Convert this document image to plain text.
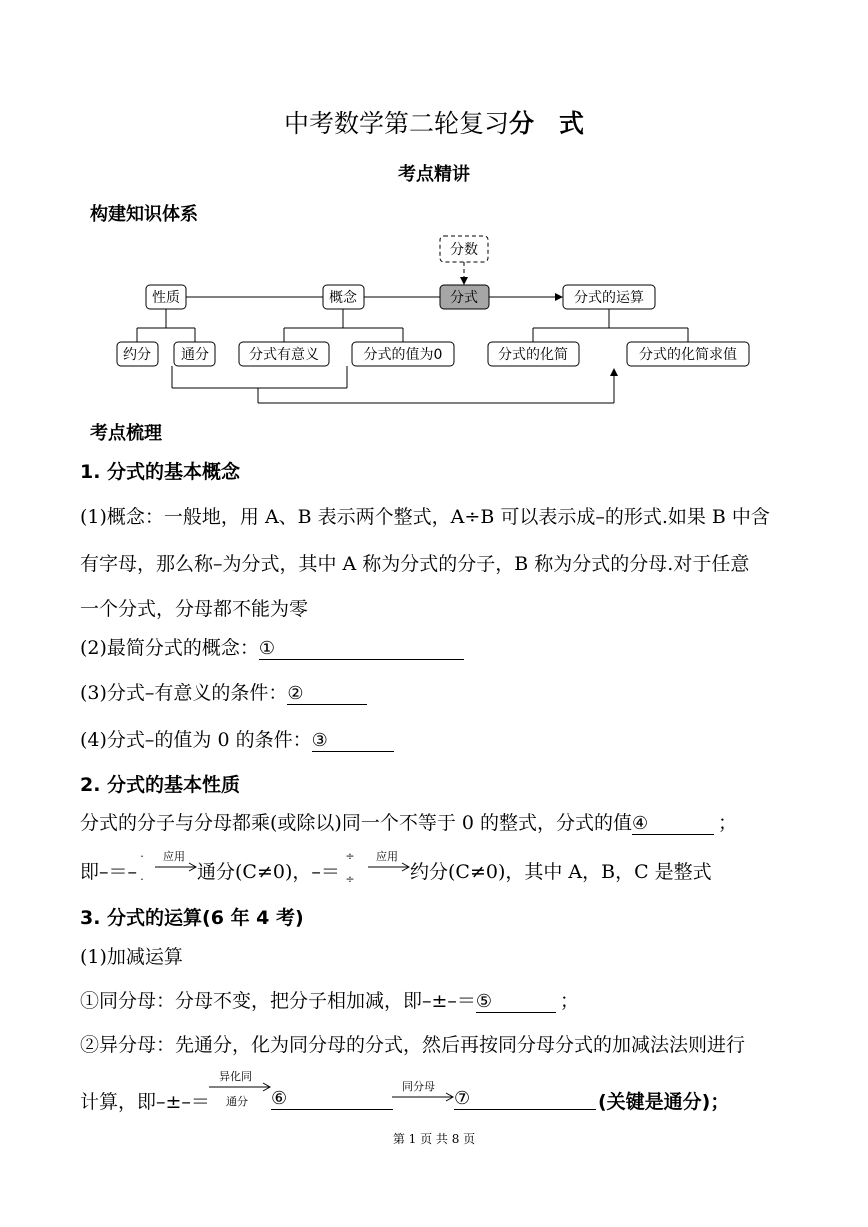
中考数学第二轮复习分　式
考点精讲
构建知识体系
分数
性质	概念	分式	分式的运算
约分 通分	分式有意义	分式的值为0	分式的化简	分式的化简求值
考点梳理
1. 分式的基本概念
(1)概念：一般地，用 A、B 表示两个整式，A÷B 可以表示成–的形式.如果 B 中含
有字母，那么称–为分式，其中 A 称为分式的分子，B 称为分式的分母.对于任意
一个分式，分母都不能为零
(2)最简分式的概念：①
(3)分式–有意义的条件：②
(4)分式–的值为 0 的条件：③
2. 分式的基本性质
分式的分子与分母都乘(或除以)同一个不等于 0 的整式，分式的值④	；
即–＝–
·
·
应用
通分(C≠0)，–＝
÷
÷
应用
约分(C≠0)，其中 A，B，C 是整式
3. 分式的运算(6 年 4 考)
(1)加减运算
①同分母：分母不变，把分子相加减，即–±–＝⑤	；
②异分母：先通分，化为同分母的分式，然后再按同分母分式的加减法法则进行
计算，即–±–＝
异化同
通分 ⑥
同分母
⑦	(关键是通分)；
第 1 页 共 8 页
